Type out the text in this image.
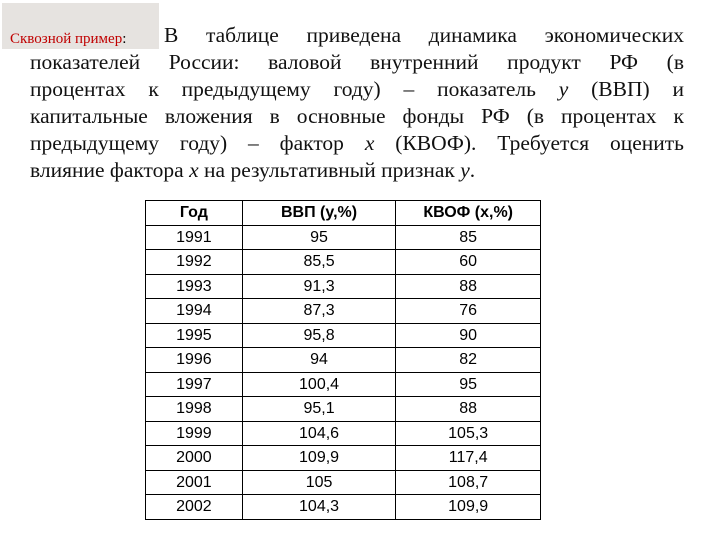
Сквозной пример:	В таблице приведена динамика экономических
показателей России: валовой внутренний продукт РФ (в
процентах к предыдущему году) – показатель y (ВВП) и
капитальные вложения в основные фонды РФ (в процентах к
предыдущему году) – фактор x (КВОФ). Требуется оценить
влияние фактора x на результативный признак y.
Год	ВВП (y,%)	КВОФ (x,%)
1991	95	85
1992	85,5	60
1993	91,3	88
1994	87,3	76
1995	95,8	90
1996	94	82
1997	100,4	95
1998	95,1	88
1999	104,6	105,3
2000	109,9	117,4
2001	105	108,7
2002	104,3	109,9
